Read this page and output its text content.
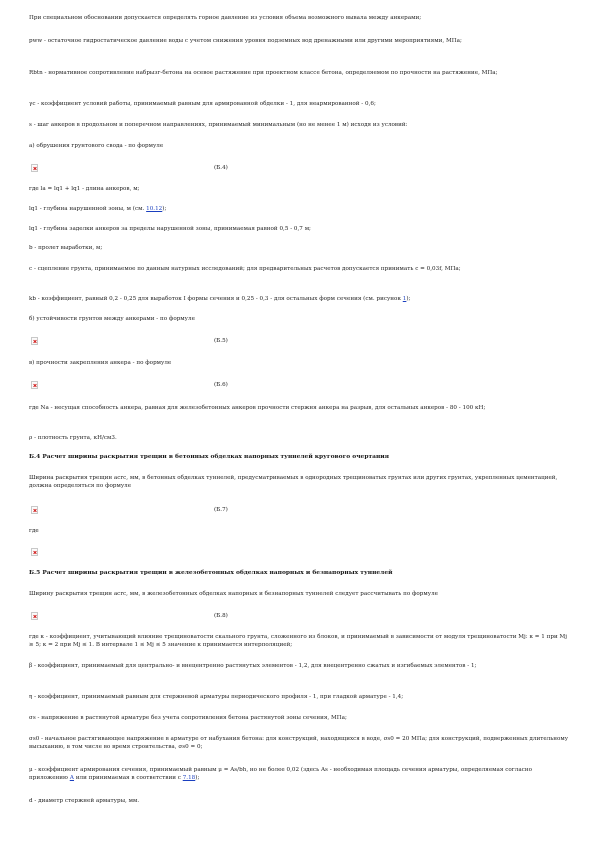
При специальном обосновании допускается определять горное давление из условия объема возможного вывала между анкерами;
pww - остаточное гидростатическое давление воды с учетом снижения уровня подземных вод дренажными или другими мероприятиями, МПа;
Rbtn - нормативное сопротивление набрызг-бетона на осевое растяжение при проектном классе бетона, определяемом по прочности на растяжение, МПа;
γc - коэффициент условий работы, принимаемый равным для армированной обделки - 1, для неармированной - 0,6;
s - шаг анкеров в продольном и поперечном направлениях, принимаемый минимальным (но не менее 1 м) исходя из условий:
а) обрушения грунтового свода - по формуле
(Б.4)
где la = lq1 + lq1 - длина анкеров, м;
lq1 - глубина нарушенной зоны, м (см. 10.12);
lq1 - глубина заделки анкеров за пределы нарушенной зоны, принимаемая равной 0,5 - 0,7 м;
b - пролет выработки, м;
c - сцепление грунта, принимаемое по данным натурных исследований; для предварительных расчетов допускается принимать c = 0,03f, МПа;
kb - коэффициент, равный 0,2 - 0,25 для выработок I формы сечения и 0,25 - 0,3 - для остальных форм сечения (см. рисунок 1);
б) устойчивости грунтов между анкерами - по формуле
(Б.5)
в) прочности закрепления анкера - по формуле
(Б.6)
где Na - несущая способность анкера, равная для железобетонных анкеров прочности стержня анкера на разрыв, для остальных анкеров - 80 - 100 кН;
ρ - плотность грунта, кН/см3.
Б.4 Расчет ширины раскрытия трещин в бетонных обделках напорных туннелей кругового очертания
Ширина раскрытия трещин acrc, мм, в бетонных обделках туннелей, предусматриваемых в однородных трещиноватых грунтах или других грунтах, укрепленных цементацией, должна определяться по формуле
(Б.7)
где
Б.5 Расчет ширины раскрытия трещин в железобетонных обделках напорных и безнапорных туннелей
Ширину раскрытия трещин acrc, мм, в железобетонных обделках напорных и безнапорных туннелей следует рассчитывать по формуле
(Б.8)
где κ - коэффициент, учитывающий влияние трещиноватости скального грунта, сложенного из блоков, и принимаемый в зависимости от модуля трещиноватости Mj: κ = 1 при Mj ≥ 5; κ = 2 при Mj ≤ 1. В интервале 1 ≤ Mj ≤ 5 значение κ принимается интерполяцией;
β - коэффициент, принимаемый для центрально- и внецентренно растянутых элементов - 1,2, для внецентренно сжатых и изгибаемых элементов - 1;
η - коэффициент, принимаемый равным для стержневой арматуры периодического профиля - 1, при гладкой арматуре - 1,4;
σs - напряжение в растянутой арматуре без учета сопротивления бетона растянутой зоны сечения, МПа;
σs0 - начальное растягивающее напряжение в арматуре от набухания бетона: для конструкций, находящихся в воде, σs0 = 20 МПа; для конструкций, подверженных длительному высыханию, в том числе во время строительства, σs0 = 0;
μ - коэффициент армирования сечения, принимаемый равным μ = As/bh, но не более 0,02 (здесь As - необходимая площадь сечения арматуры, определяемая согласно приложению А или принимаемая в соответствии с 7.18);
d - диаметр стержней арматуры, мм.
